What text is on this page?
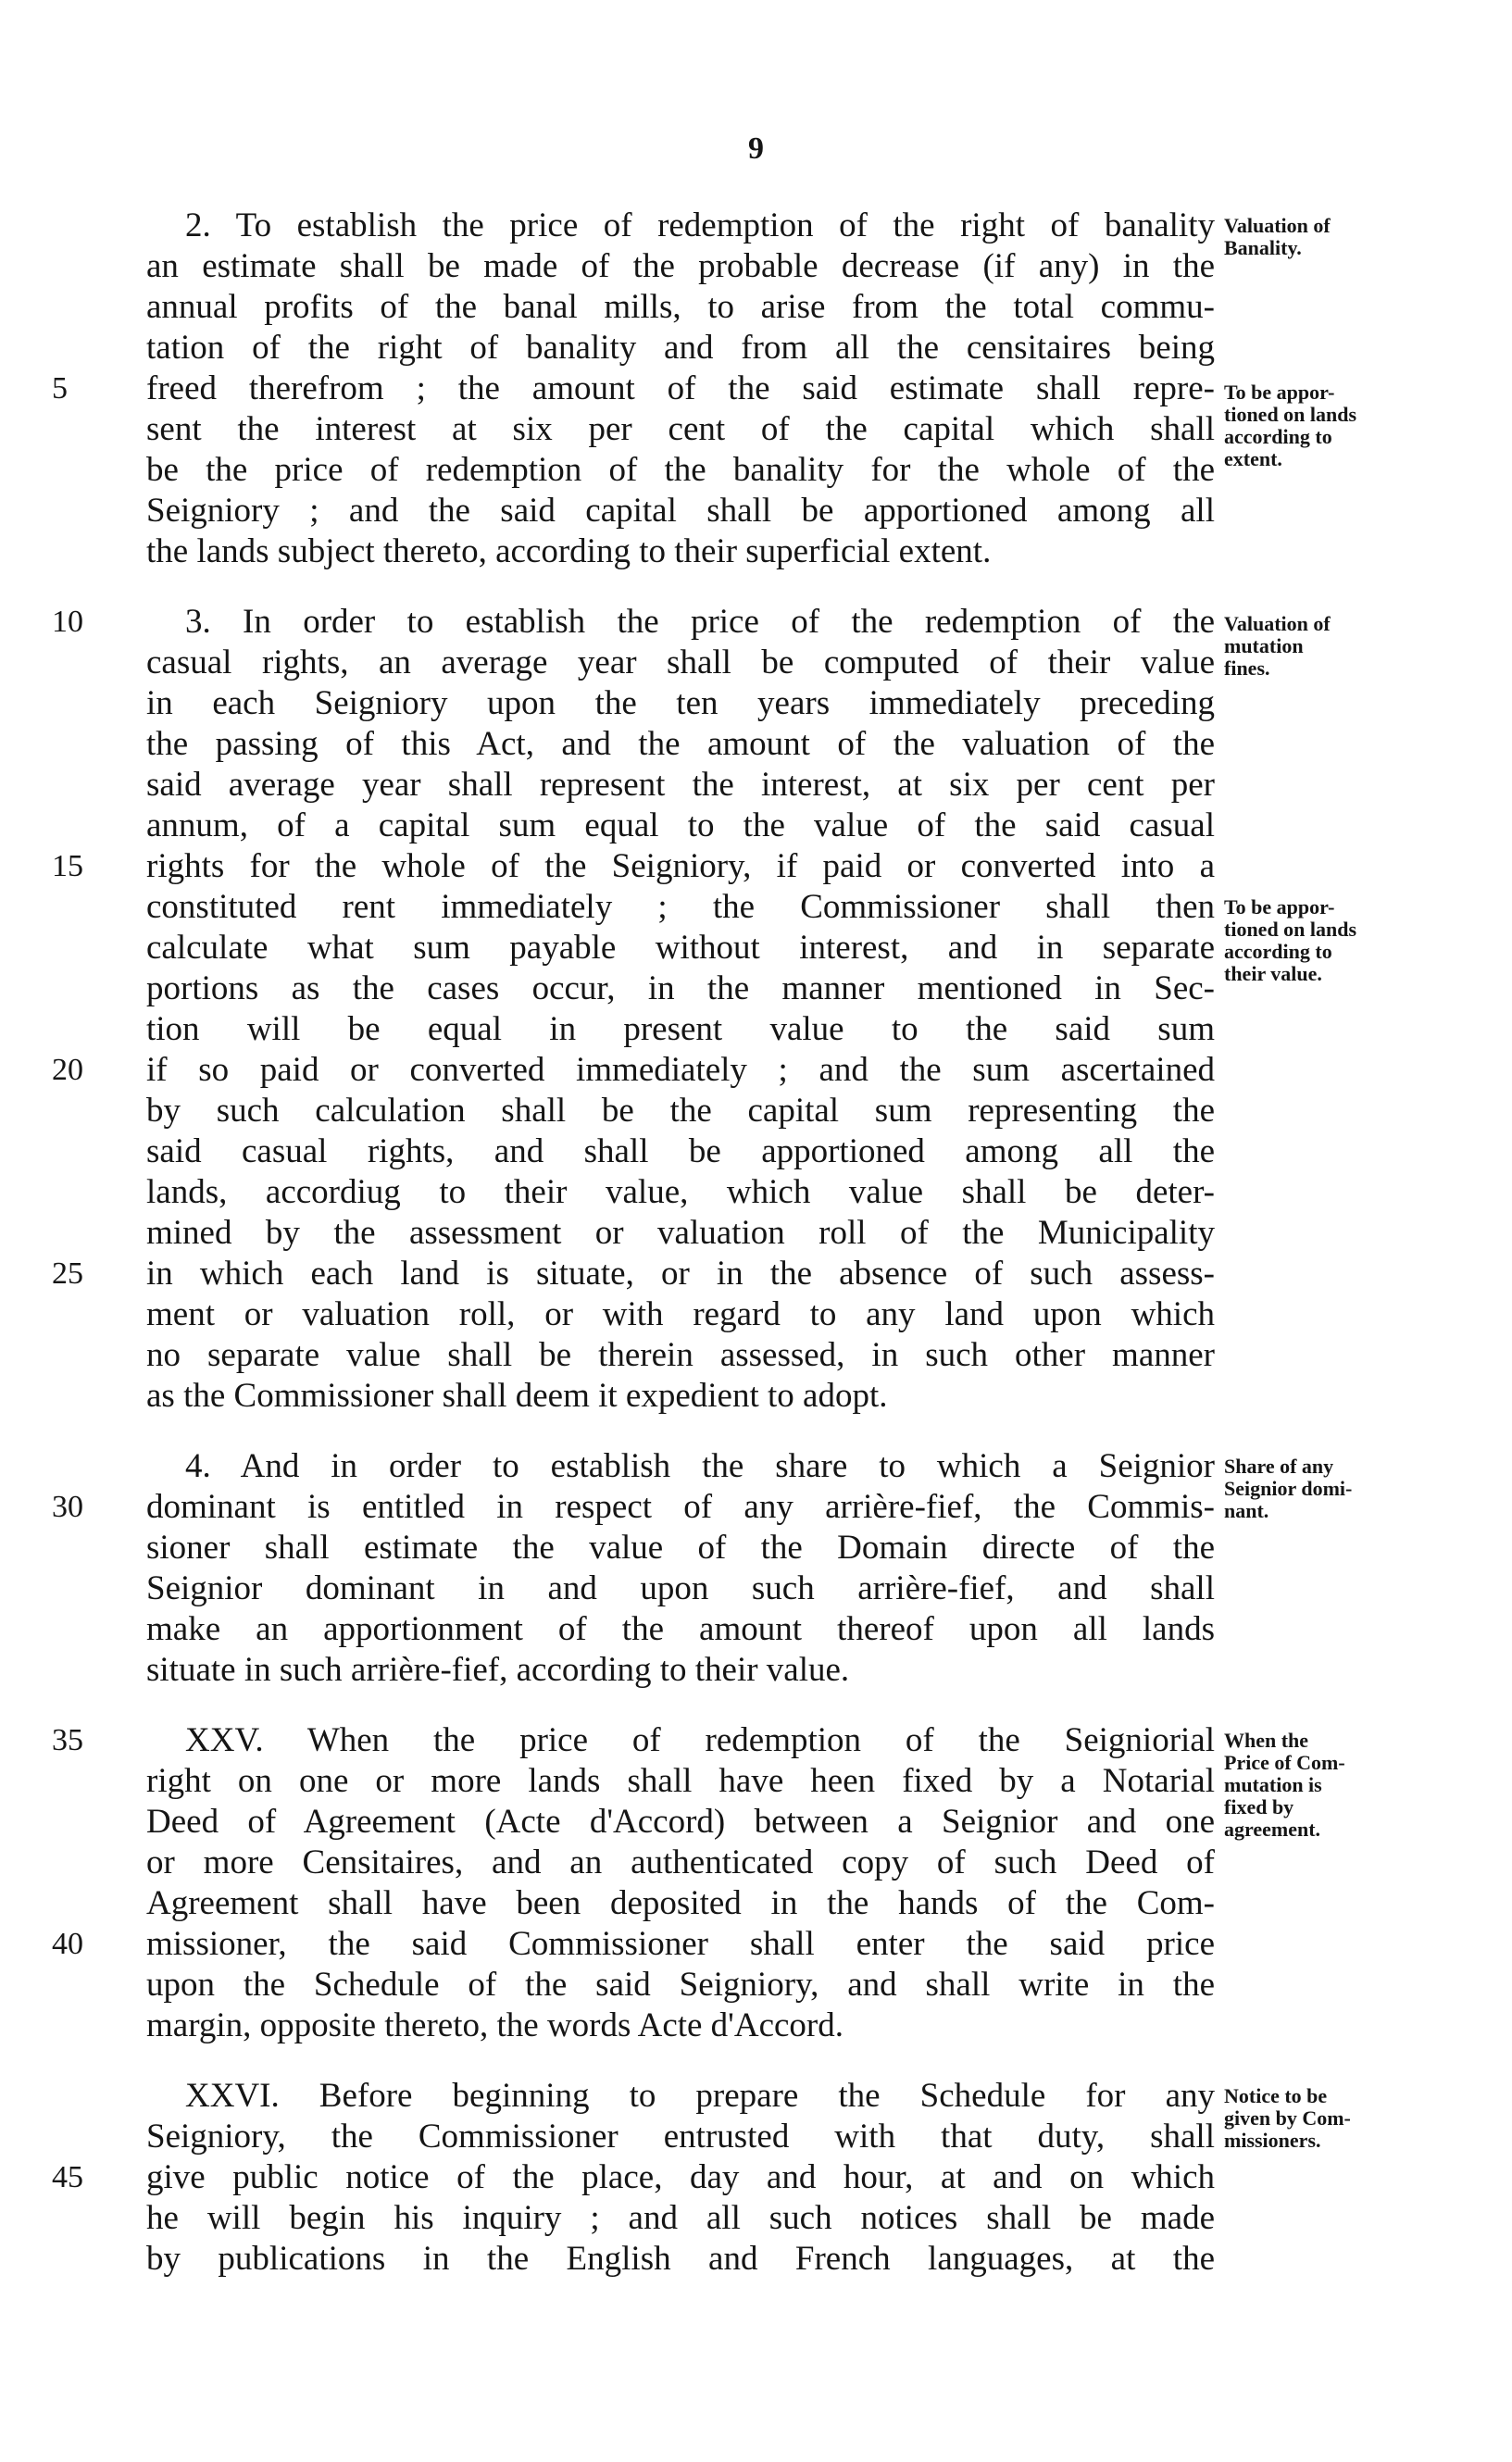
9
2. To establish the price of redemption of the right of banality
an estimate shall be made of the probable decrease (if any) in the
annual profits of the banal mills, to arise from the total commu-
tation of the right of banality and from all the censitaires being
freed therefrom ; the amount of the said estimate shall repre-
sent the interest at six per cent of the capital which shall
be the price of redemption of the banality for the whole of the
Seigniory ; and the said capital shall be apportioned among all
the lands subject thereto, according to their superficial extent.
3. In order to establish the price of the redemption of the
casual rights, an average year shall be computed of their value
in each Seigniory upon the ten years immediately preceding
the passing of this Act, and the amount of the valuation of the
said average year shall represent the interest, at six per cent per
annum, of a capital sum equal to the value of the said casual
rights for the whole of the Seigniory, if paid or converted into a
constituted rent immediately ; the Commissioner shall then
calculate what sum payable without interest, and in separate
portions as the cases occur, in the manner mentioned in Sec-
tion will be equal in present value to the said sum
if so paid or converted immediately ; and the sum ascertained
by such calculation shall be the capital sum representing the
said casual rights, and shall be apportioned among all the
lands, accordiug to their value, which value shall be deter-
mined by the assessment or valuation roll of the Municipality
in which each land is situate, or in the absence of such assess-
ment or valuation roll, or with regard to any land upon which
no separate value shall be therein assessed, in such other manner
as the Commissioner shall deem it expedient to adopt.
4. And in order to establish the share to which a Seignior
dominant is entitled in respect of any arrière-fief, the Commis-
sioner shall estimate the value of the Domain directe of the
Seignior dominant in and upon such arrière-fief, and shall
make an apportionment of the amount thereof upon all lands
situate in such arrière-fief, according to their value.
XXV. When the price of redemption of the Seigniorial
right on one or more lands shall have heen fixed by a Notarial
Deed of Agreement (Acte d'Accord) between a Seignior and one
or more Censitaires, and an authenticated copy of such Deed of
Agreement shall have been deposited in the hands of the Com-
missioner, the said Commissioner shall enter the said price
upon the Schedule of the said Seigniory, and shall write in the
margin, opposite thereto, the words Acte d'Accord.
XXVI. Before beginning to prepare the Schedule for any
Seigniory, the Commissioner entrusted with that duty, shall
give public notice of the place, day and hour, at and on which
he will begin his inquiry ; and all such notices shall be made
by publications in the English and French languages, at the
5
10
15
20
25
30
35
40
45
Valuation of
Banality.
To be appor-
tioned on lands
according to
extent.
Valuation of
mutation
fines.
To be appor-
tioned on lands
according to
their value.
Share of any
Seignior domi-
nant.
When the
Price of Com-
mutation is
fixed by
agreement.
Notice to be
given by Com-
missioners.
